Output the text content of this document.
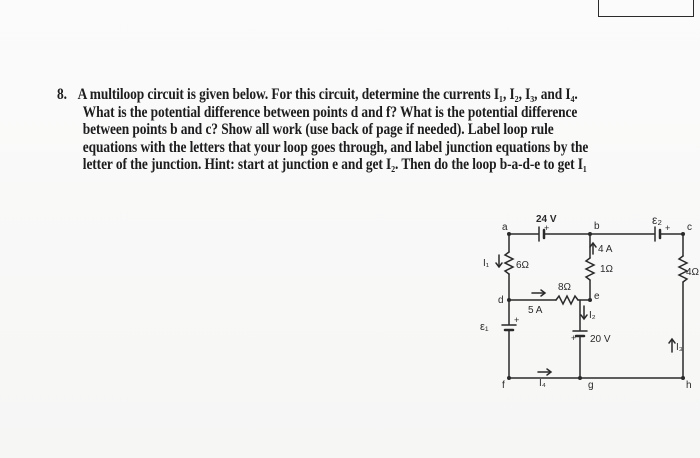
8. A multiloop circuit is given below. For this circuit, determine the currents I₁, I₂, I₃, and I₄.
What is the potential difference between points d and f? What is the potential difference
between points b and c? Show all work (use back of page if needed). Label loop rule
equations with the letters that your loop goes through, and label junction equations by the
letter of the junction. Hint: start at junction e and get I₂. Then do the loop b-a-d-e to get I₁
a	b	c
d	e
f	g	h
24 V	ε₂
4 A
1Ω
6Ω
I₁
8Ω
4Ω
5 A	I₂
20 V
ε₁
I₃
I₄
+	+
+
+
